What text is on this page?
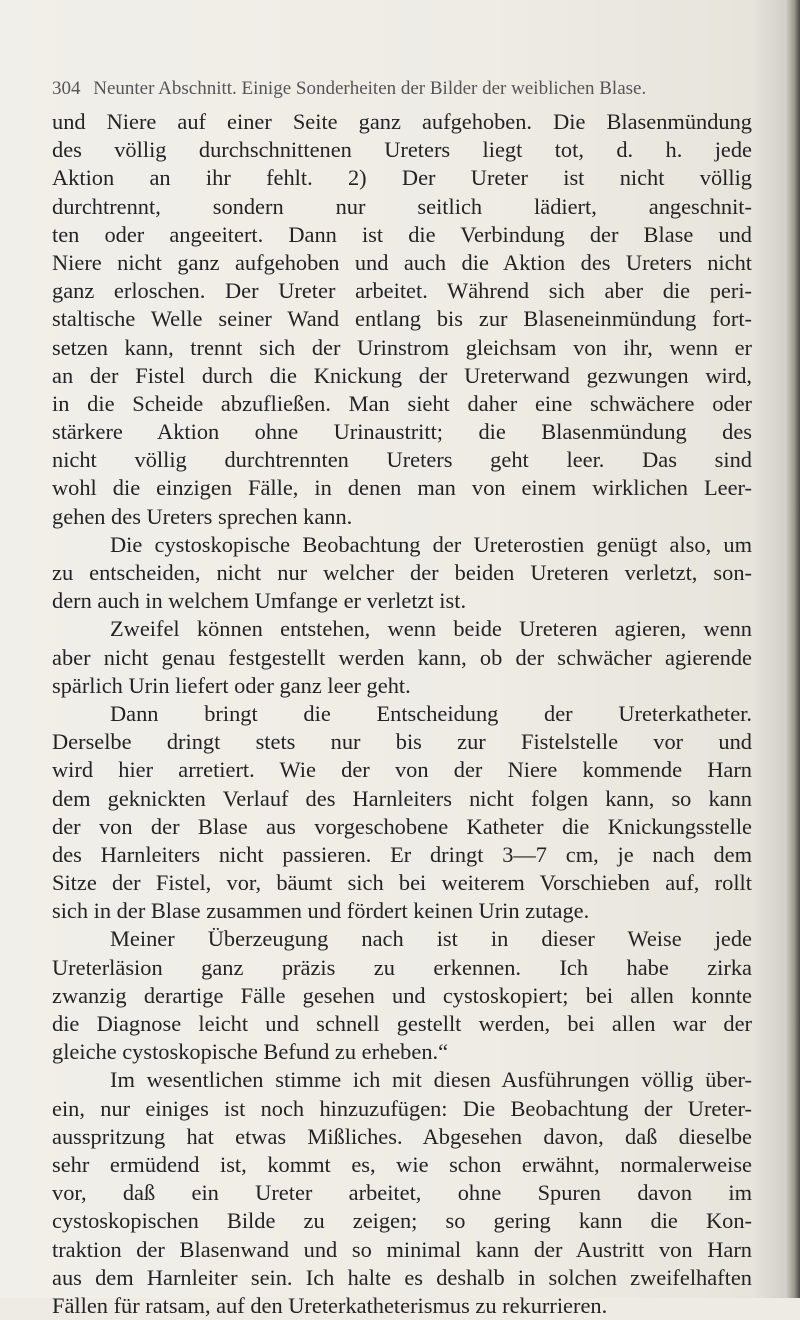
304 Neunter Abschnitt. Einige Sonderheiten der Bilder der weiblichen Blase.
und Niere auf einer Seite ganz aufgehoben. Die Blasenmündung
des völlig durchschnittenen Ureters liegt tot, d. h. jede
Aktion an ihr fehlt. 2) Der Ureter ist nicht völlig
durchtrennt, sondern nur seitlich lädiert, angeschnit-
ten oder angeeitert. Dann ist die Verbindung der Blase und
Niere nicht ganz aufgehoben und auch die Aktion des Ureters nicht
ganz erloschen. Der Ureter arbeitet. Während sich aber die peri-
staltische Welle seiner Wand entlang bis zur Blaseneinmündung fort-
setzen kann, trennt sich der Urinstrom gleichsam von ihr, wenn er
an der Fistel durch die Knickung der Ureterwand gezwungen wird,
in die Scheide abzufließen. Man sieht daher eine schwächere oder
stärkere Aktion ohne Urinaustritt; die Blasenmündung des
nicht völlig durchtrennten Ureters geht leer. Das sind
wohl die einzigen Fälle, in denen man von einem wirklichen Leer-
gehen des Ureters sprechen kann.
Die cystoskopische Beobachtung der Ureterostien genügt also, um
zu entscheiden, nicht nur welcher der beiden Ureteren verletzt, son-
dern auch in welchem Umfange er verletzt ist.
Zweifel können entstehen, wenn beide Ureteren agieren, wenn
aber nicht genau festgestellt werden kann, ob der schwächer agierende
spärlich Urin liefert oder ganz leer geht.
Dann bringt die Entscheidung der Ureterkatheter.
Derselbe dringt stets nur bis zur Fistelstelle vor und
wird hier arretiert. Wie der von der Niere kommende Harn
dem geknickten Verlauf des Harnleiters nicht folgen kann, so kann
der von der Blase aus vorgeschobene Katheter die Knickungsstelle
des Harnleiters nicht passieren. Er dringt 3—7 cm, je nach dem
Sitze der Fistel, vor, bäumt sich bei weiterem Vorschieben auf, rollt
sich in der Blase zusammen und fördert keinen Urin zutage.
Meiner Überzeugung nach ist in dieser Weise jede
Ureterläsion ganz präzis zu erkennen. Ich habe zirka
zwanzig derartige Fälle gesehen und cystoskopiert; bei allen konnte
die Diagnose leicht und schnell gestellt werden, bei allen war der
gleiche cystoskopische Befund zu erheben.“
Im wesentlichen stimme ich mit diesen Ausführungen völlig über-
ein, nur einiges ist noch hinzuzufügen: Die Beobachtung der Ureter-
ausspritzung hat etwas Mißliches. Abgesehen davon, daß dieselbe
sehr ermüdend ist, kommt es, wie schon erwähnt, normalerweise
vor, daß ein Ureter arbeitet, ohne Spuren davon im
cystoskopischen Bilde zu zeigen; so gering kann die Kon-
traktion der Blasenwand und so minimal kann der Austritt von Harn
aus dem Harnleiter sein. Ich halte es deshalb in solchen zweifelhaften
Fällen für ratsam, auf den Ureterkatheterismus zu rekurrieren.
